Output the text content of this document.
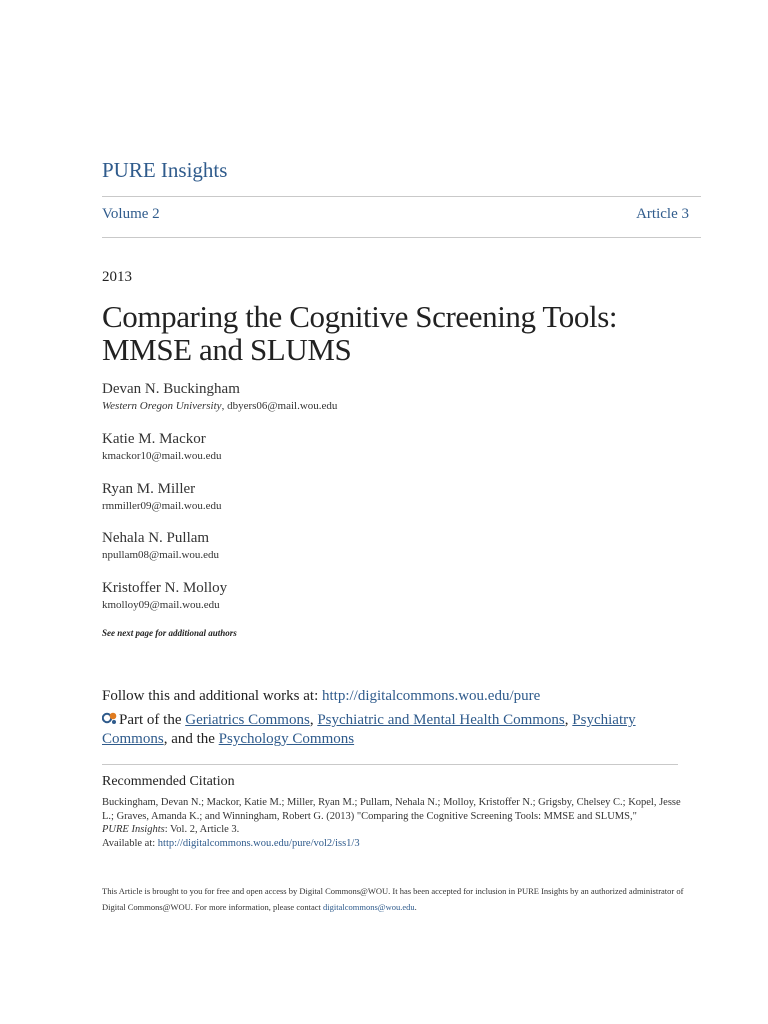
PURE Insights
Volume 2	Article 3
2013
Comparing the Cognitive Screening Tools: MMSE and SLUMS
Devan N. Buckingham
Western Oregon University, dbyers06@mail.wou.edu
Katie M. Mackor
kmackor10@mail.wou.edu
Ryan M. Miller
rmmiller09@mail.wou.edu
Nehala N. Pullam
npullam08@mail.wou.edu
Kristoffer N. Molloy
kmolloy09@mail.wou.edu
See next page for additional authors
Follow this and additional works at: http://digitalcommons.wou.edu/pure
Part of the Geriatrics Commons, Psychiatric and Mental Health Commons, Psychiatry Commons, and the Psychology Commons
Recommended Citation
Buckingham, Devan N.; Mackor, Katie M.; Miller, Ryan M.; Pullam, Nehala N.; Molloy, Kristoffer N.; Grigsby, Chelsey C.; Kopel, Jesse L.; Graves, Amanda K.; and Winningham, Robert G. (2013) "Comparing the Cognitive Screening Tools: MMSE and SLUMS,"
PURE Insights: Vol. 2, Article 3.
Available at: http://digitalcommons.wou.edu/pure/vol2/iss1/3
This Article is brought to you for free and open access by Digital Commons@WOU. It has been accepted for inclusion in PURE Insights by an authorized administrator of Digital Commons@WOU. For more information, please contact digitalcommons@wou.edu.
